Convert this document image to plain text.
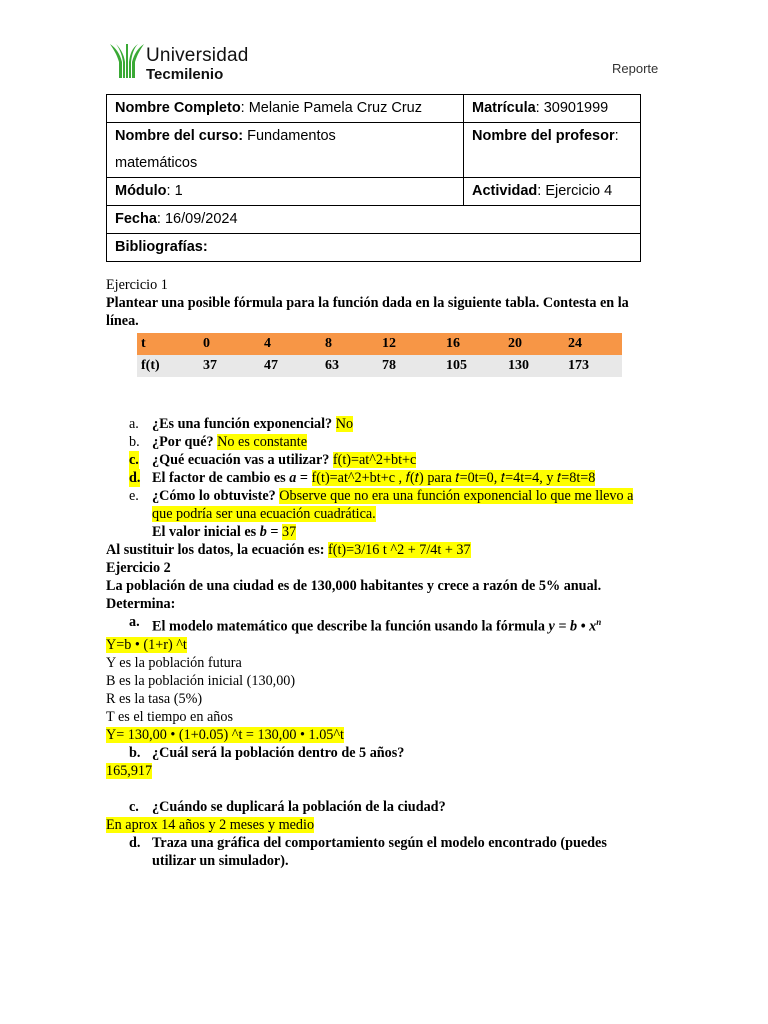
Universidad
Tecmilenio	Reporte
Nombre Completo: Melanie Pamela Cruz Cruz	Matrícula: 30901999

Nombre del curso: Fundamentos matemáticos	Nombre del profesor:
Módulo: 1	Actividad: Ejercicio 4
Fecha: 16/09/2024	
Bibliografías:	
Ejercicio 1
Plantear una posible fórmula para la función dada en la siguiente tabla. Contesta en la línea.
t	0	4	8	12	16	20	24
f(t)	37	47	63	78	105	130	173
a. ¿Es una función exponencial? No
b. ¿Por qué? No es constante
c. ¿Qué ecuación vas a utilizar? f(t)=at^2+bt+c
d. El factor de cambio es a = f(t)=at^2+bt+c , 𝑓(𝑡) para 𝑡=0t=0, 𝑡=4t=4, y 𝑡=8t=8
e. ¿Cómo lo obtuviste? Observe que no era una función exponencial lo que me llevo a que podría ser una ecuación cuadrática.
El valor inicial es b = 37
Al sustituir los datos, la ecuación es: f(t)=3/16 t ^2 + 7/4t + 37
Ejercicio 2
La población de una ciudad es de 130,000 habitantes y crece a razón de 5% anual.
Determina:
a. El modelo matemático que describe la función usando la fórmula y = b • $x^n$
Y=b • (1+r) ^t
Y es la población futura
B es la población inicial (130,00)
R es la tasa (5%)
T es el tiempo en años
Y= 130,00 • (1+0.05) ^t = 130,00 • 1.05^t
b. ¿Cuál será la población dentro de 5 años?
165,917
c. ¿Cuándo se duplicará la población de la ciudad?
En aprox 14 años y 2 meses y medio
d. Traza una gráfica del comportamiento según el modelo encontrado (puedes utilizar un simulador).
